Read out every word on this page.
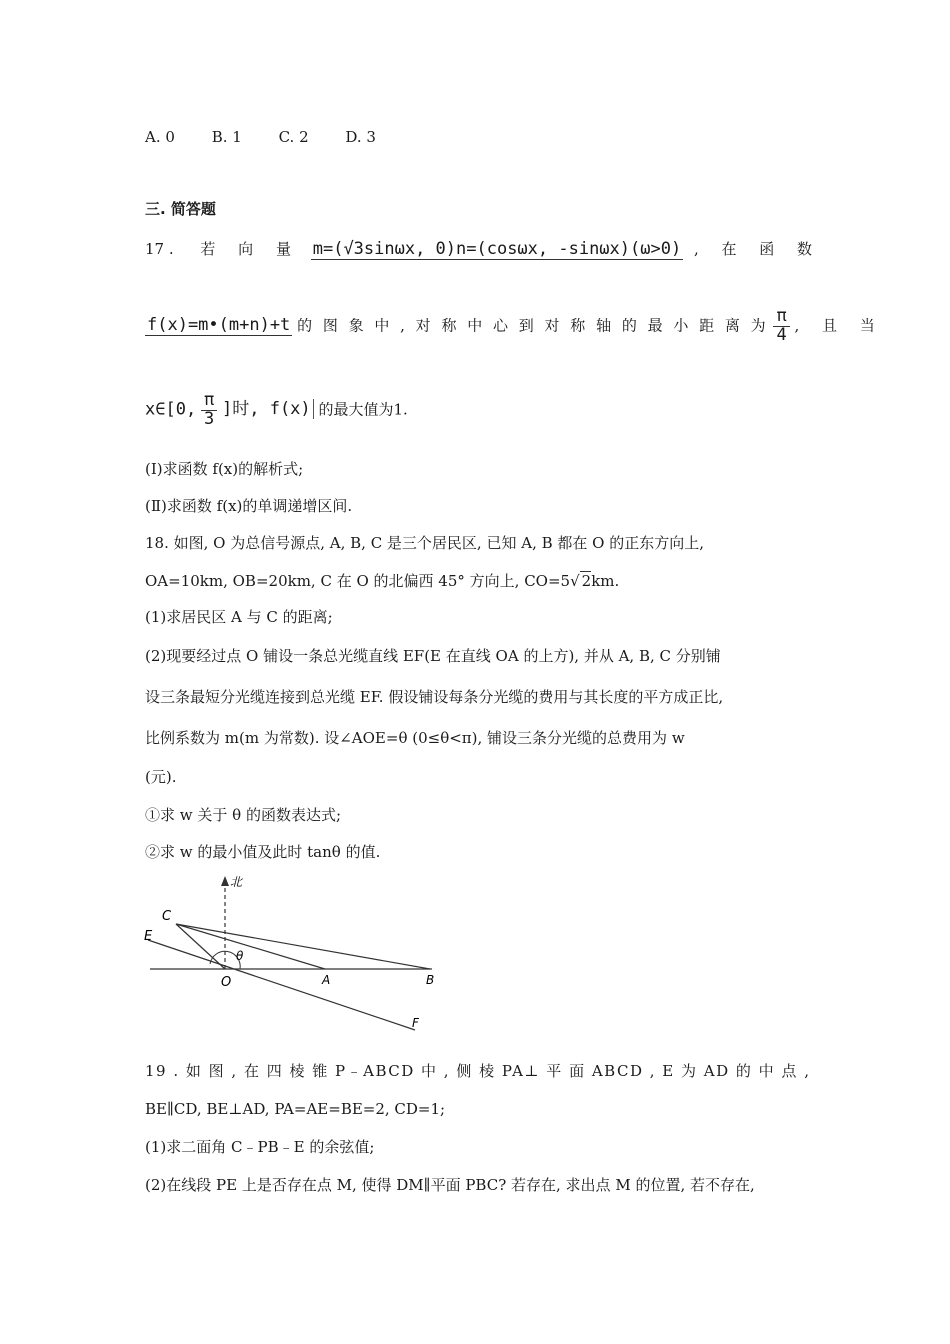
A. 0 B. 1 C. 2 D. 3
三. 简答题
17 . 若 向 量 m=(√3sinωx, 0)n=(cosωx, -sinωx)(ω>0) , 在 函 数
f(x)=m•(m+n)+t 的 图 象 中 , 对 称 中 心 到 对 称 轴 的 最 小 距 离 为 $\frac{\pi}{4}$ , 且 当
x∈[0, $\frac{\pi}{3}$ ]时, f(x) 的最大值为1.
(Ⅰ)求函数 f(x)的解析式;
(Ⅱ)求函数 f(x)的单调递增区间.
18. 如图, O 为总信号源点, A, B, C 是三个居民区, 已知 A, B 都在 O 的正东方向上,
OA=10km, OB=20km, C 在 O 的北偏西 45° 方向上, CO=5√ 2km.
(1)求居民区 A 与 C 的距离;
(2)现要经过点 O 铺设一条总光缆直线 EF(E 在直线 OA 的上方), 并从 A, B, C 分别铺
设三条最短分光缆连接到总光缆 EF. 假设铺设每条分光缆的费用与其长度的平方成正比,
比例系数为 m(m 为常数). 设∠AOE=θ (0≤θ<π), 铺设三条分光缆的总费用为 w
(元).
①求 w 关于 θ 的函数表达式;
②求 w 的最小值及此时 tanθ 的值.
北
θ
C
E
O	A	B
F
19 . 如 图 , 在 四 棱 锥 P﹣ABCD 中 , 侧 棱 PA⊥ 平 面 ABCD , E 为 AD 的 中 点 ,
BE∥CD, BE⊥AD, PA=AE=BE=2, CD=1;
(1)求二面角 C﹣PB﹣E 的余弦值;
(2)在线段 PE 上是否存在点 M, 使得 DM∥平面 PBC? 若存在, 求出点 M 的位置, 若不存在,
